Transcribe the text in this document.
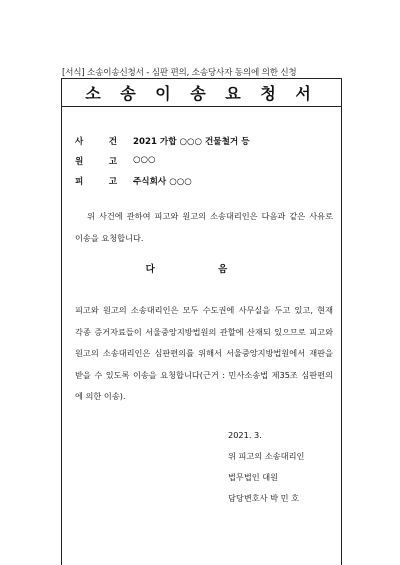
[서식] 소송이송신청서 - 심판 편의, 소송당사자 동의에 의한 신청
소 송 이 송 요 청 서
사	건 2021 가합 ○○○ 건물철거 등
원	고 ○○○
피	고 주식회사 ○○○
위 사건에 관하여 피고와 원고의 소송대리인은 다음과 같은 사유로
이송을 요청합니다.
다 음
피고와 원고의 소송대리인은 모두 수도권에 사무실을 두고 있고, 현재
각종 증거자료들이 서울중앙지방법원의 관할에 산재되 있으므로 피고와
원고의 소송대리인은 심판편의를 위해서 서울중앙지방법원에서 재판을
받을 수 있도록 이송을 요청합니다(근거 : 민사소송법 제35조 심판편의
에 의한 이송).
2021. 3.
위 피고의 소송대리인
법무법인 대원
담당변호사 박 민 호
